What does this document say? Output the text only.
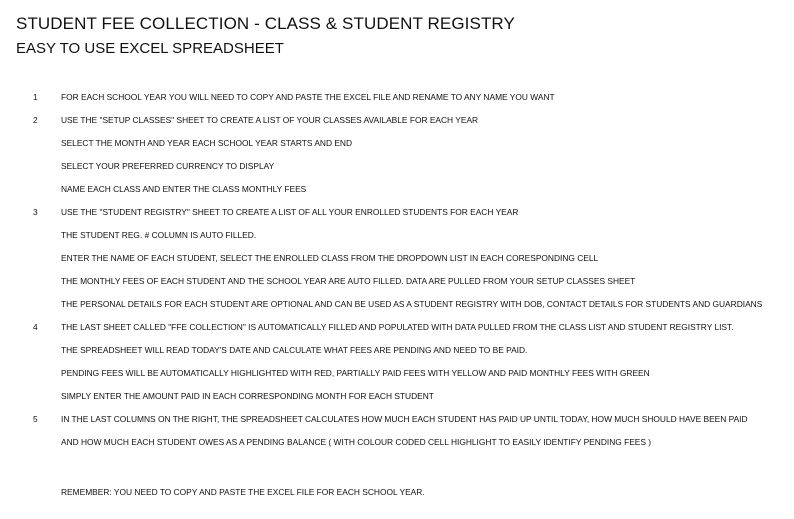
STUDENT FEE COLLECTION - CLASS & STUDENT REGISTRY
EASY TO USE EXCEL SPREADSHEET
1	FOR EACH SCHOOL YEAR YOU WILL NEED TO COPY AND PASTE THE EXCEL FILE AND RENAME TO ANY NAME YOU WANT
2	USE THE "SETUP CLASSES" SHEET TO CREATE A LIST OF YOUR CLASSES AVAILABLE FOR EACH YEAR
SELECT THE MONTH AND YEAR EACH SCHOOL YEAR STARTS AND END
SELECT YOUR PREFERRED CURRENCY TO DISPLAY
NAME EACH CLASS AND ENTER THE CLASS MONTHLY FEES
3	USE THE "STUDENT REGISTRY" SHEET TO CREATE A LIST OF ALL YOUR ENROLLED STUDENTS FOR EACH YEAR
THE STUDENT REG. # COLUMN IS AUTO FILLED.
ENTER THE NAME OF EACH STUDENT, SELECT THE ENROLLED CLASS FROM THE DROPDOWN LIST IN EACH CORESPONDING CELL
THE MONTHLY FEES OF EACH STUDENT AND THE SCHOOL YEAR ARE AUTO FILLED. DATA ARE PULLED FROM YOUR SETUP CLASSES SHEET
THE PERSONAL DETAILS FOR EACH STUDENT ARE OPTIONAL AND CAN BE USED AS A STUDENT REGISTRY WITH DOB, CONTACT DETAILS FOR STUDENTS AND GUARDIANS
4	THE LAST SHEET CALLED "FFE COLLECTION" IS AUTOMATICALLY FILLED AND POPULATED WITH DATA PULLED FROM THE CLASS LIST AND STUDENT REGISTRY LIST.
THE SPREADSHEET WILL READ TODAY'S DATE AND CALCULATE WHAT FEES ARE PENDING AND NEED TO BE PAID.
PENDING FEES WILL BE AUTOMATICALLY HIGHLIGHTED WITH RED, PARTIALLY PAID FEES WITH YELLOW AND PAID MONTHLY FEES WITH GREEN
SIMPLY ENTER THE AMOUNT PAID IN EACH CORRESPONDING MONTH FOR EACH STUDENT
5	IN THE LAST COLUMNS ON THE RIGHT, THE SPREADSHEET CALCULATES HOW MUCH EACH STUDENT HAS PAID UP UNTIL TODAY, HOW MUCH SHOULD HAVE BEEN PAID
AND HOW MUCH EACH STUDENT OWES AS A PENDING BALANCE ( WITH COLOUR CODED CELL HIGHLIGHT TO EASILY IDENTIFY PENDING FEES )
REMEMBER: YOU NEED TO COPY AND PASTE THE EXCEL FILE FOR EACH SCHOOL YEAR.
